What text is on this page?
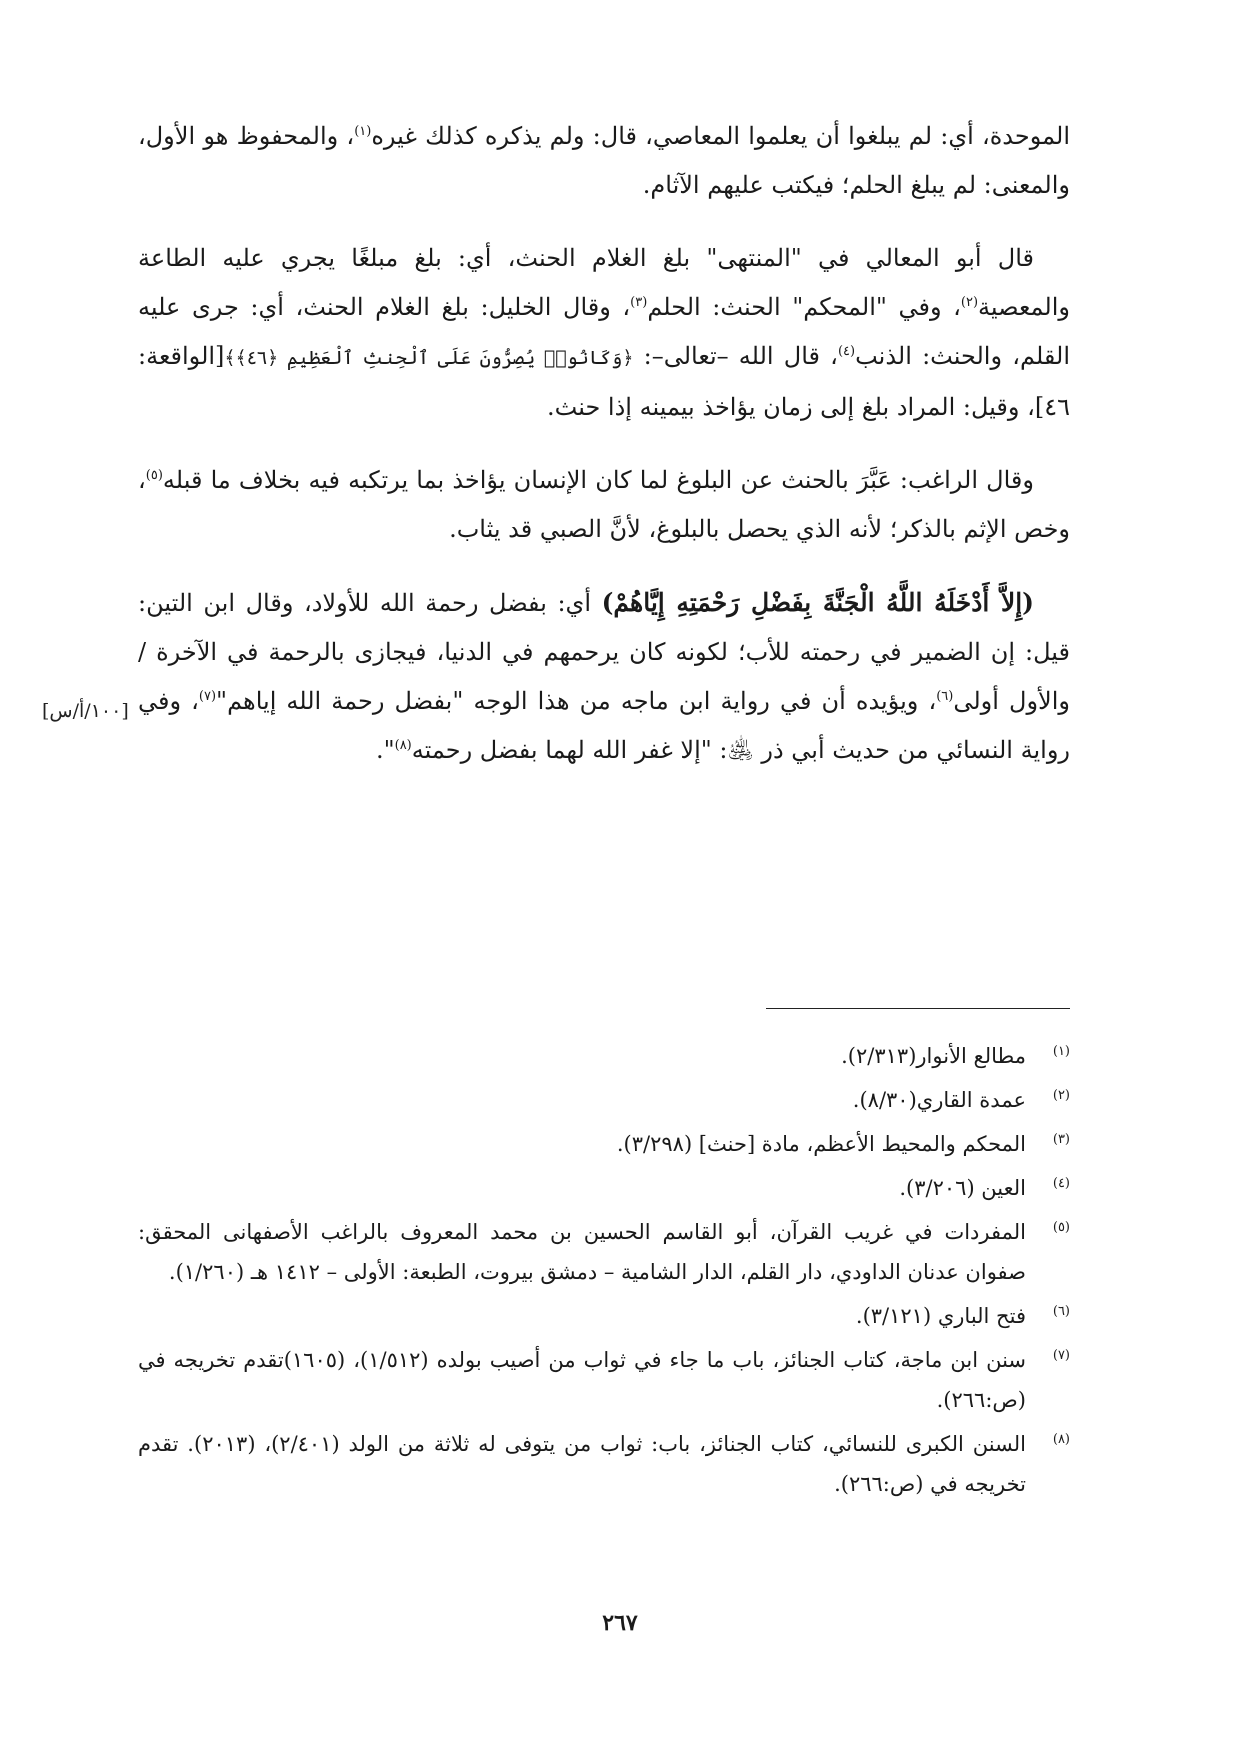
الموحدة، أي: لم يبلغوا أن يعلموا المعاصي، قال: ولم يذكره كذلك غيره$^{(١)}$، والمحفوظ هو الأول، والمعنى: لم يبلغ الحلم؛ فيكتب عليهم الآثام.

قال أبو المعالي في "المنتهى" بلغ الغلام الحنث، أي: بلغ مبلغًا يجري عليه الطاعة والمعصية$^{(٢)}$، وفي "المحكم" الحنث: الحلم$^{(٣)}$، وقال الخليل: بلغ الغلام الحنث، أي: جرى عليه القلم، والحنث: الذنب$^{(٤)}$، قال الله –تعالى–: ﴿وَكَانُوا۟ يُصِرُّونَ عَلَى ٱلْحِنثِ ٱلْعَظِيمِ ﴿٤٦﴾﴾[الواقعة: ٤٦]، وقيل: المراد بلغ إلى زمان يؤاخذ بيمينه إذا حنث.

وقال الراغب: عَبَّرَ بالحنث عن البلوغ لما كان الإنسان يؤاخذ بما يرتكبه فيه بخلاف ما قبله$^{(٥)}$، وخص الإثم بالذكر؛ لأنه الذي يحصل بالبلوغ، لأنَّ الصبي قد يثاب.

(إِلاَّ أَدْخَلَهُ اللَّهُ الْجَنَّةَ بِفَضْلِ رَحْمَتِهِ إِيَّاهُمْ) أي: بفضل رحمة الله للأولاد، وقال ابن التين: قيل: إن الضمير في رحمته للأب؛ لكونه كان يرحمهم في الدنيا، فيجازى بالرحمة في الآخرة /والأول أولى$^{(٦)}$، ويؤيده أن في رواية ابن ماجه من هذا الوجه "بفضل رحمة الله إياهم"$^{(٧)}$، وفي رواية النسائي من حديث أبي ذر ﵁: "إلا غفر الله لهما بفضل رحمته$^{(٨)}$".

[١٠٠/أ/س]

(١)
مطالع الأنوار(٢/٣١٣).

(٢)
عمدة القاري(٨/٣٠).

(٣)
المحكم والمحيط الأعظم، مادة [حنث] (٣/٢٩٨).

(٤)
العين (٣/٢٠٦).

(٥)
المفردات في غريب القرآن، أبو القاسم الحسين بن محمد المعروف بالراغب الأصفهانى المحقق: صفوان عدنان الداودي، دار القلم، الدار الشامية – دمشق بيروت، الطبعة: الأولى – ١٤١٢ هـ (١/٢٦٠).

(٦)
فتح الباري (٣/١٢١).

(٧)
سنن ابن ماجة، كتاب الجنائز، باب ما جاء في ثواب من أصيب بولده (١/٥١٢)، (١٦٠٥)تقدم تخريجه في (ص:٢٦٦).

(٨)
السنن الكبرى للنسائي، كتاب الجنائز، باب: ثواب من يتوفى له ثلاثة من الولد (٢/٤٠١)، (٢٠١٣). تقدم تخريجه في (ص:٢٦٦).

٢٦٧
